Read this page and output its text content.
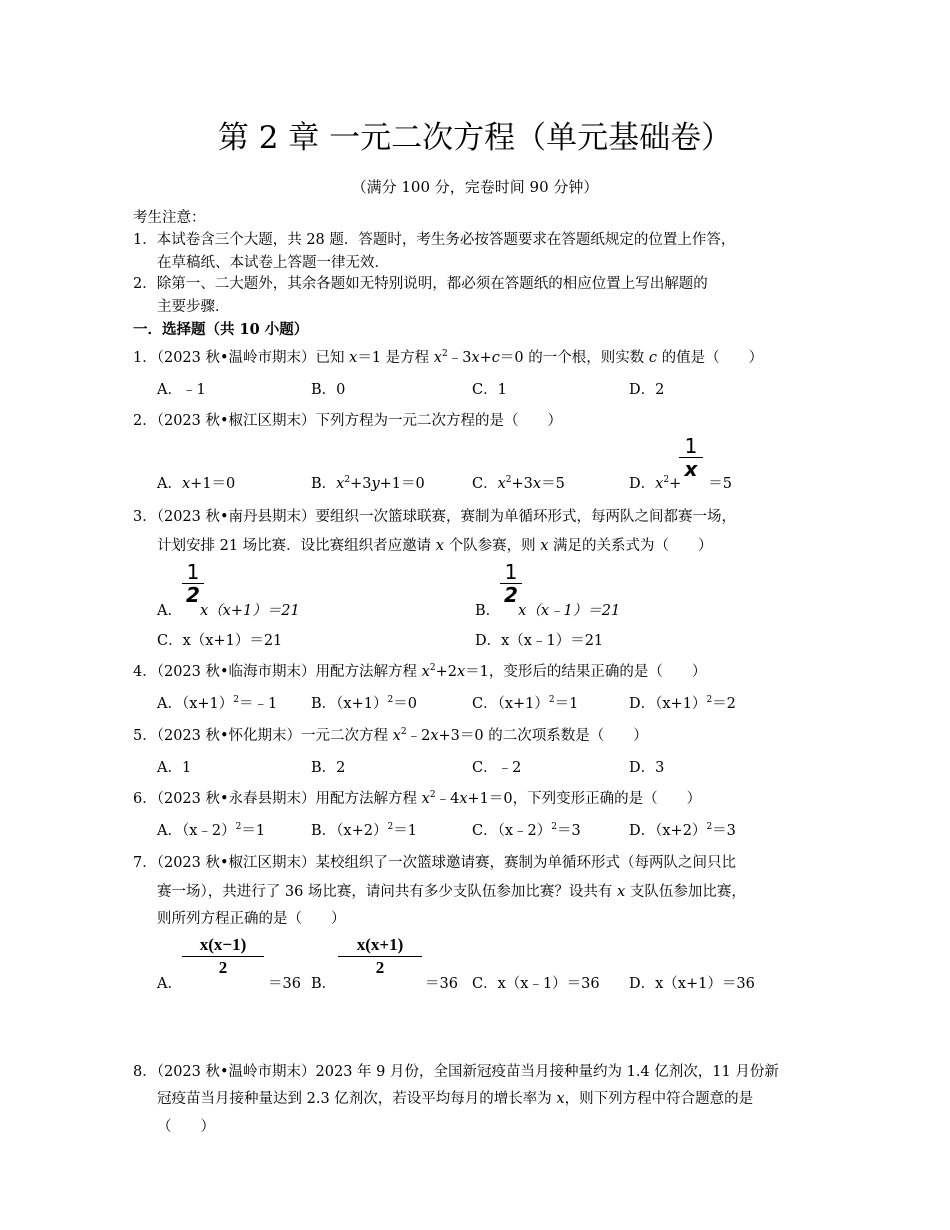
第 2 章 一元二次方程（单元基础卷）
（满分 100 分，完卷时间 90 分钟）
考生注意：
1．本试卷含三个大题，共 28 题．答题时，考生务必按答题要求在答题纸规定的位置上作答，
在草稿纸、本试卷上答题一律无效．
2．除第一、二大题外，其余各题如无特别说明，都必须在答题纸的相应位置上写出解题的
主要步骤．
一．选择题（共 10 小题）
1．（2023 秋•温岭市期末）已知 x＝1 是方程 $x^2﹣3x+c=0$ 的一个根，则实数 c 的值是（　　）
A．﹣1	B．0	C．1	D．2
2．（2023 秋•椒江区期末）下列方程为一元二次方程的是（　　）
A．x+1＝0	B．$x^2+3y+1=0$	C．$x^2+3x=5$	D．$x^2+ =5$
1
x
3．（2023 秋•南丹县期末）要组织一次篮球联赛，赛制为单循环形式，每两队之间都赛一场，
计划安排 21 场比赛．设比赛组织者应邀请 x 个队参赛，则 x 满足的关系式为（　　）
1
2
A． x（x+1）＝21
1
2
B． x（x﹣1）＝21
C．x（x+1）＝21	D．x（x﹣1）＝21
4．（2023 秋•临海市期末）用配方法解方程 $x^2+2x=1$，变形后的结果正确的是（　　）
A．$(x+1)^2=﹣1$ B．$(x+1)^2=0$	C．$(x+1)^2=1$	D．$(x+1)^2=2$
5．（2023 秋•怀化期末）一元二次方程 $x^2﹣2x+3=0$ 的二次项系数是（　　）
A．1	B．2	C．﹣2	D．3
6．（2023 秋•永春县期末）用配方法解方程 $x^2﹣4x+1=0$，下列变形正确的是（　　）
A．（x﹣2）$^2$＝1	B．$(x+2)^2=1$	C．（x﹣2）$^2$＝3	D．$(x+2)^2=3$
7．（2023 秋•椒江区期末）某校组织了一次篮球邀请赛，赛制为单循环形式（每两队之间只比
赛一场），共进行了 36 场比赛，请问共有多少支队伍参加比赛？设共有 x 支队伍参加比赛，
则所列方程正确的是（　　）
A．
x(x−1)
2
＝36 B．
x(x+1)
2
＝36 C．x（x﹣1）＝36 D．x（x+1）＝36
8．（2023 秋•温岭市期末）2023 年 9 月份，全国新冠疫苗当月接种量约为 1.4 亿剂次，11 月份新
冠疫苗当月接种量达到 2.3 亿剂次，若设平均每月的增长率为 x，则下列方程中符合题意的是
（　　）
